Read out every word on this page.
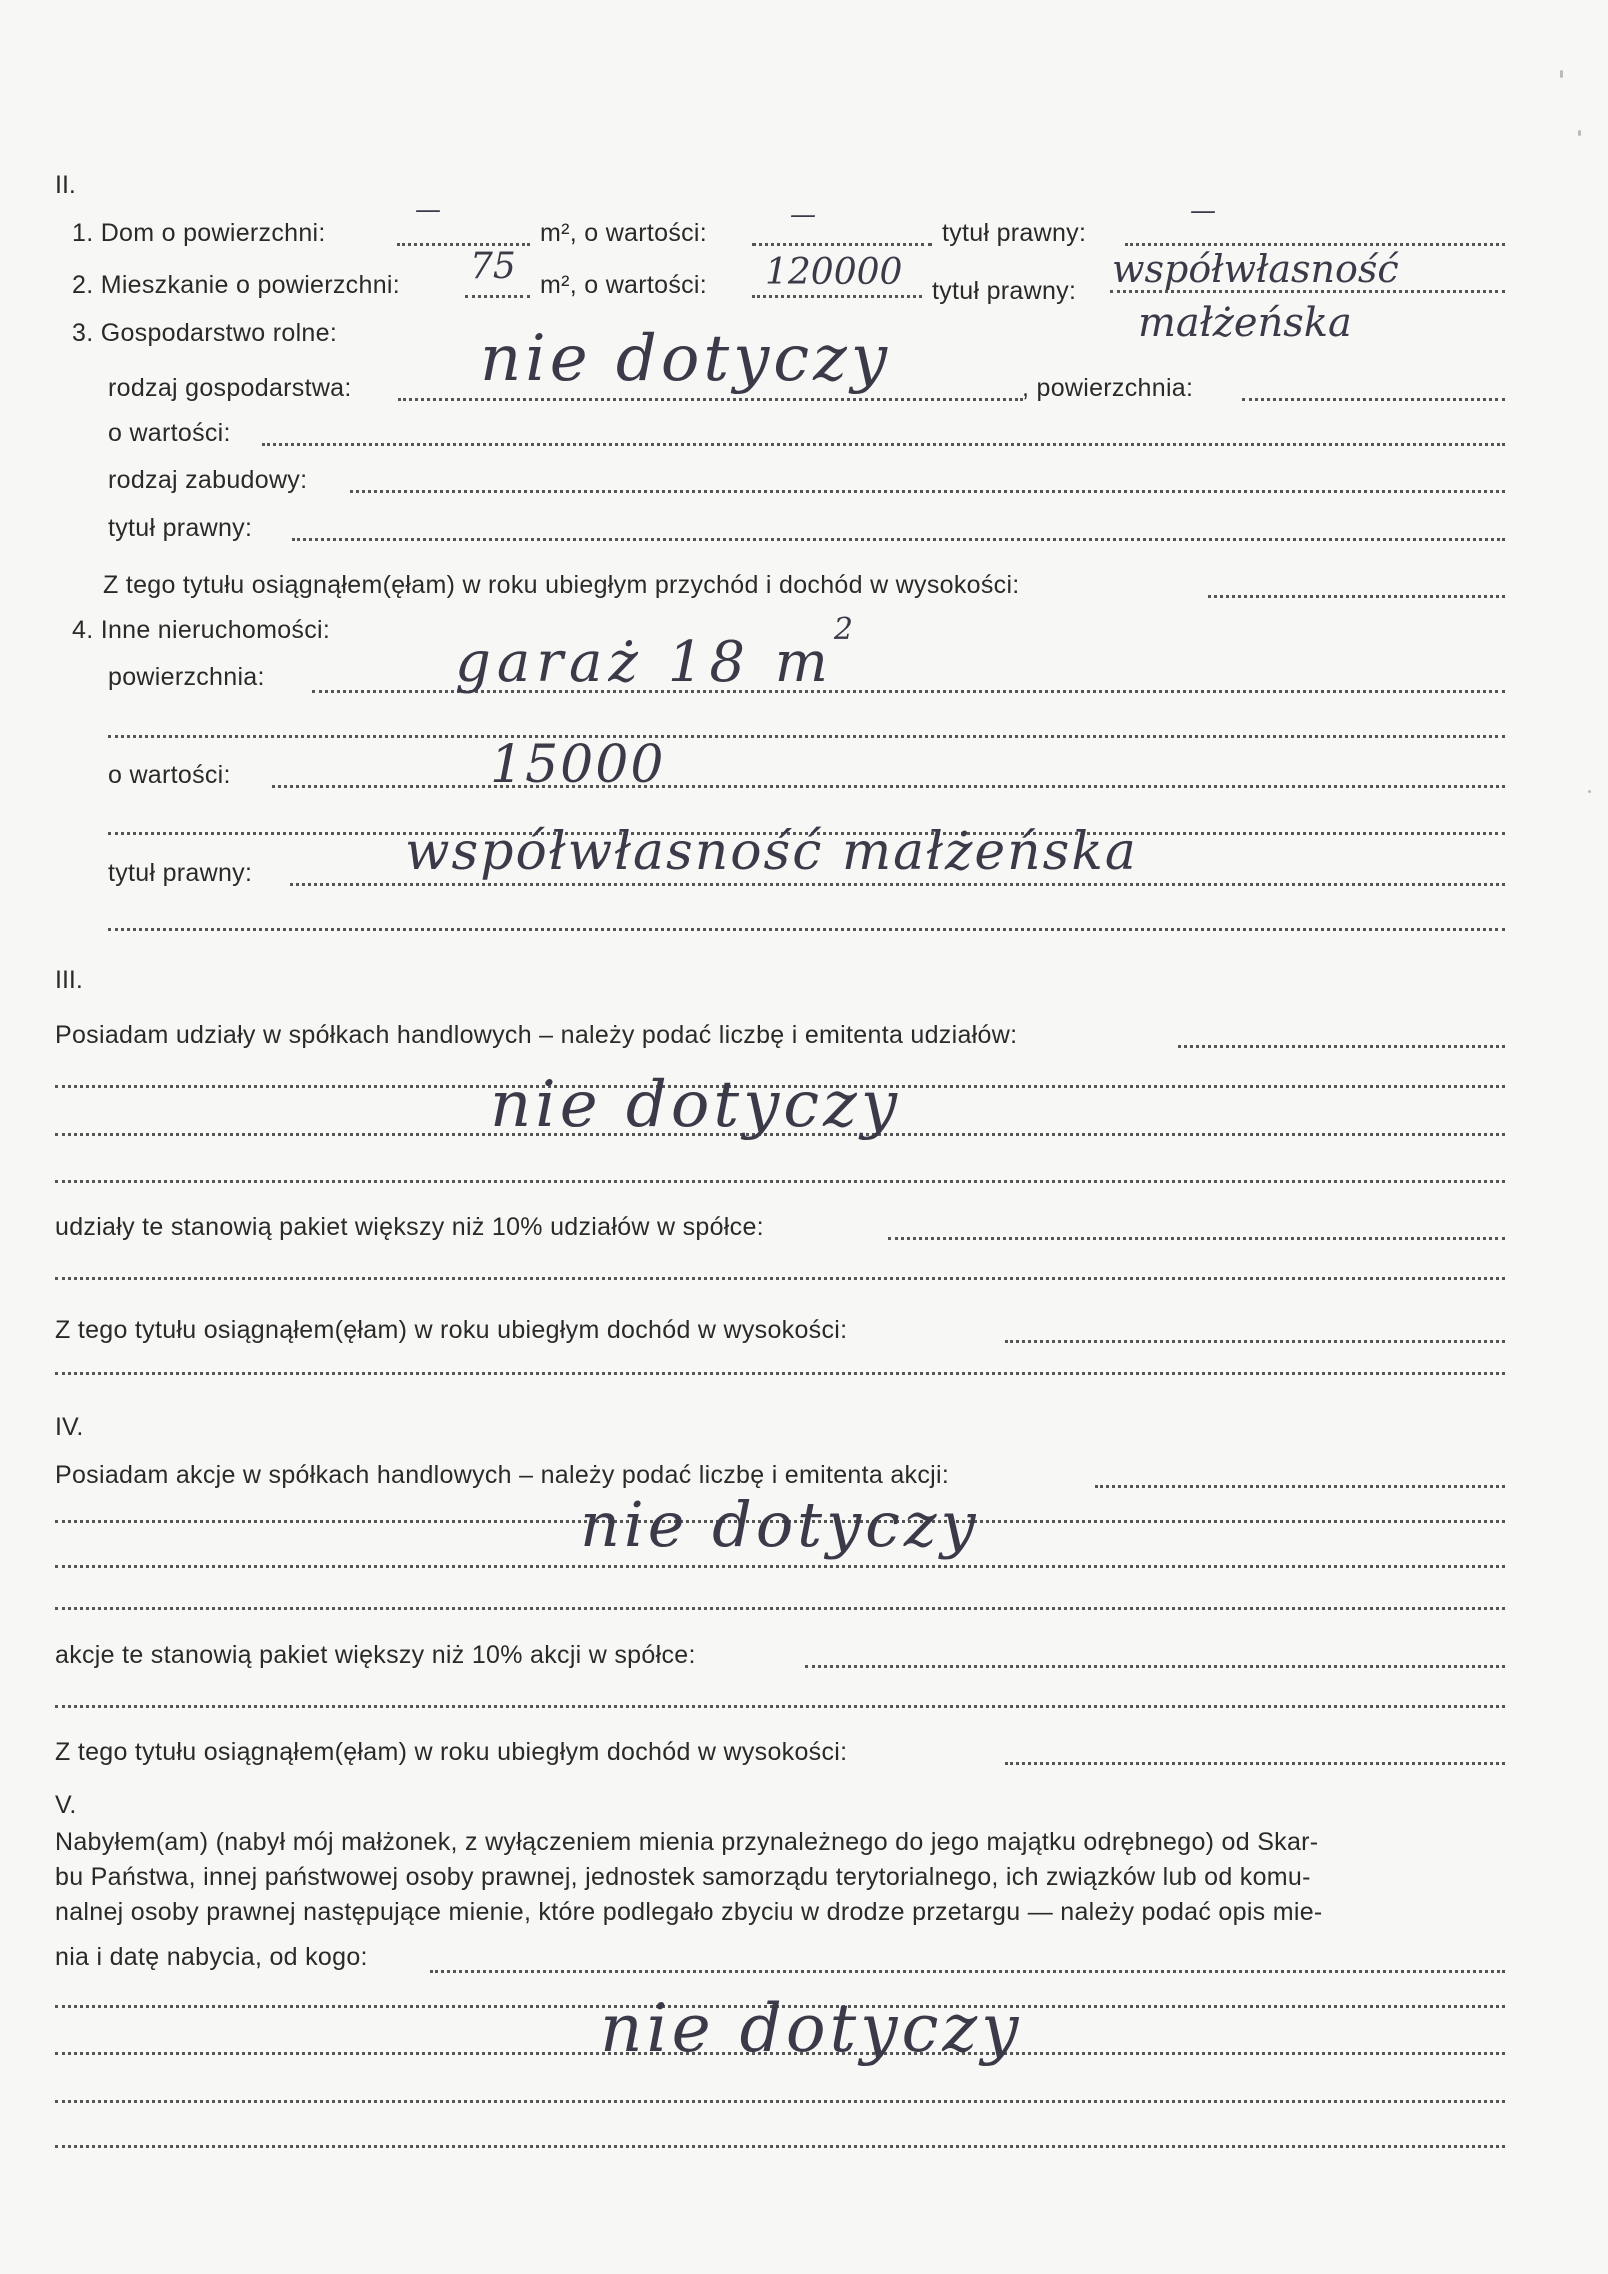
II.
1. Dom o powierzchni:	m², o wartości:	tytuł prawny:
—	—	—
2. Mieszkanie o powierzchni:	m², o wartości:	tytuł prawny:
75	120000	współwłasność
małżeńska
3. Gospodarstwo rolne:
rodzaj gospodarstwa:	, powierzchnia:
nie dotyczy
o wartości:
rodzaj zabudowy:
tytuł prawny:
Z tego tytułu osiągnąłem(ęłam) w roku ubiegłym przychód i dochód w wysokości:
4. Inne nieruchomości:
powierzchnia:	garaż 18 $m^2$
o wartości:	15000
tytuł prawny:	współwłasność małżeńska
III.
Posiadam udziały w spółkach handlowych – należy podać liczbę i emitenta udziałów:
nie dotyczy
udziały te stanowią pakiet większy niż 10% udziałów w spółce:
Z tego tytułu osiągnąłem(ęłam) w roku ubiegłym dochód w wysokości:
IV.
Posiadam akcje w spółkach handlowych – należy podać liczbę i emitenta akcji:
nie dotyczy
akcje te stanowią pakiet większy niż 10% akcji w spółce:
Z tego tytułu osiągnąłem(ęłam) w roku ubiegłym dochód w wysokości:
V.
Nabyłem(am) (nabył mój małżonek, z wyłączeniem mienia przynależnego do jego majątku odrębnego) od Skar-
bu Państwa, innej państwowej osoby prawnej, jednostek samorządu terytorialnego, ich związków lub od komu-
nalnej osoby prawnej następujące mienie, które podlegało zbyciu w drodze przetargu — należy podać opis mie-
nia i datę nabycia, od kogo:
nie dotyczy
